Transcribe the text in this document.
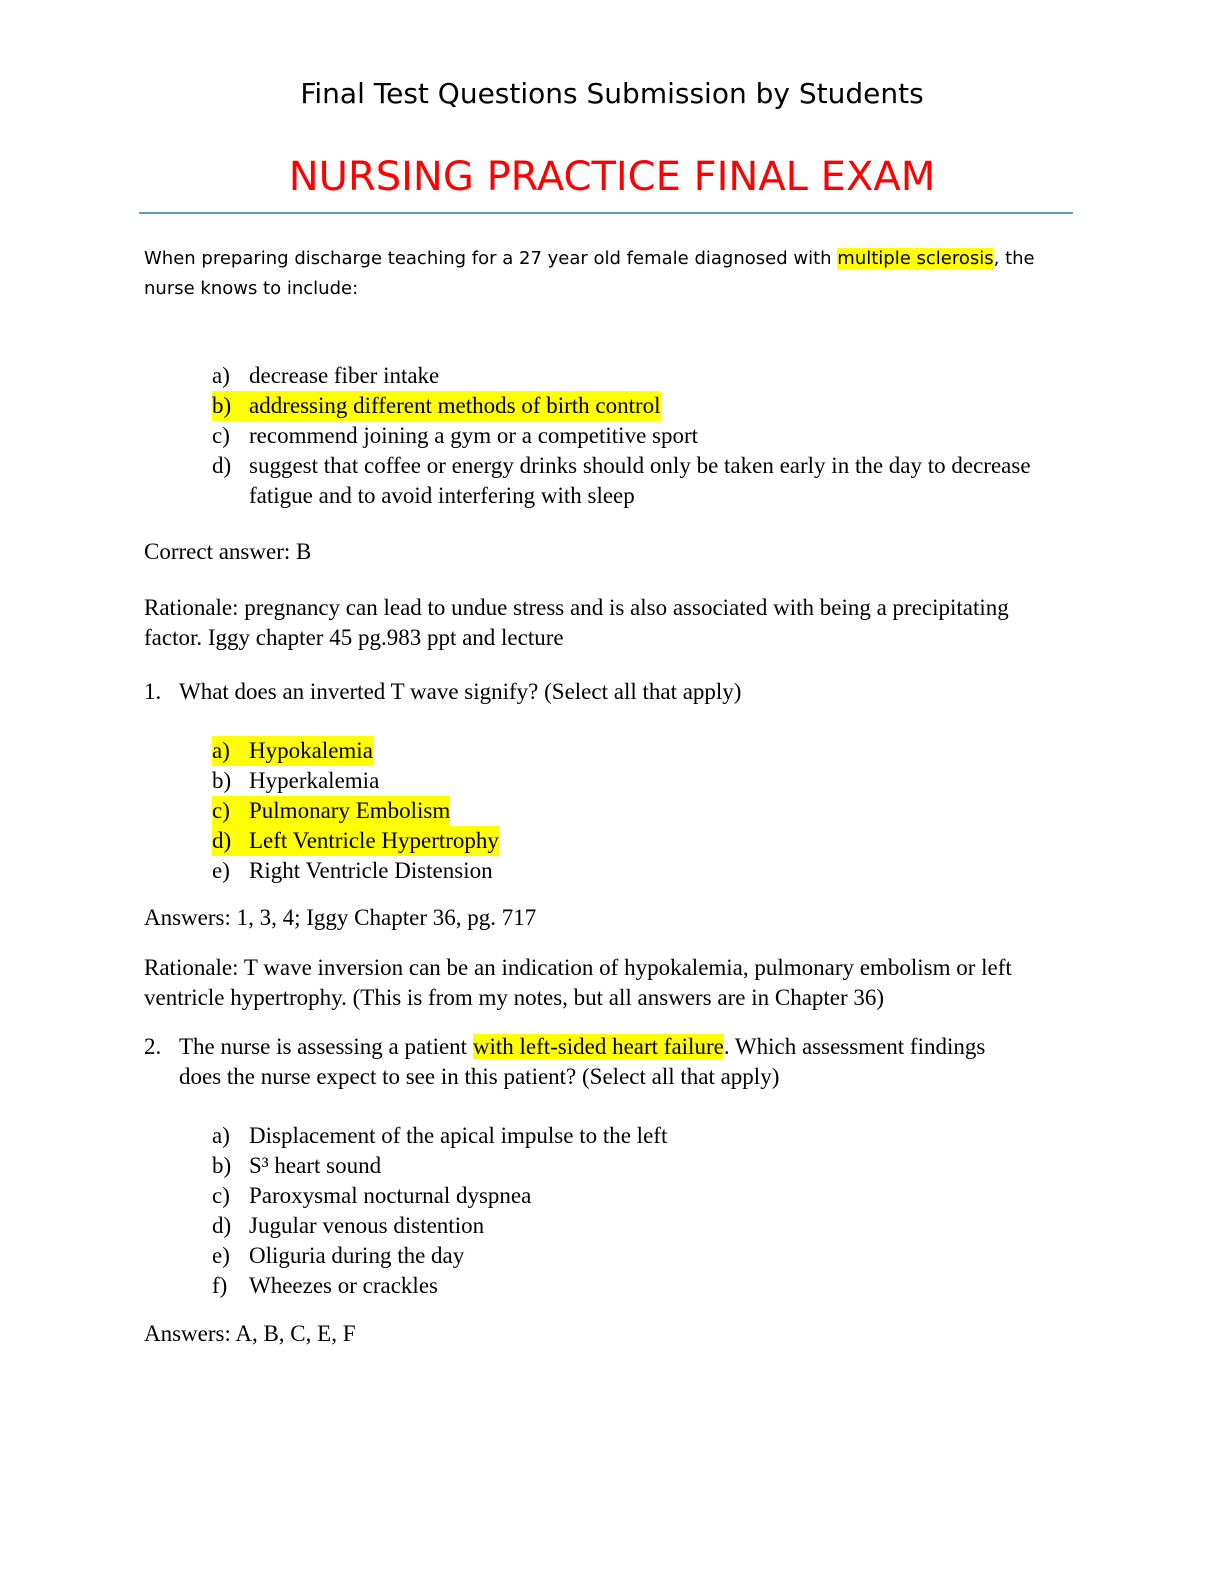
Final Test Questions Submission by Students
NURSING PRACTICE FINAL EXAM
When preparing discharge teaching for a 27 year old female diagnosed with multiple sclerosis, the nurse knows to include:
a) decrease fiber intake
b) addressing different methods of birth control
c) recommend joining a gym or a competitive sport
d) suggest that coffee or energy drinks should only be taken early in the day to decrease fatigue and to avoid interfering with sleep
Correct answer: B
Rationale: pregnancy can lead to undue stress and is also associated with being a precipitating factor. Iggy chapter 45 pg.983 ppt and lecture
1. What does an inverted T wave signify? (Select all that apply)
a) Hypokalemia
b) Hyperkalemia
c) Pulmonary Embolism
d) Left Ventricle Hypertrophy
e) Right Ventricle Distension
Answers: 1, 3, 4; Iggy Chapter 36, pg. 717
Rationale: T wave inversion can be an indication of hypokalemia, pulmonary embolism or left ventricle hypertrophy. (This is from my notes, but all answers are in Chapter 36)
2. The nurse is assessing a patient with left-sided heart failure. Which assessment findings does the nurse expect to see in this patient? (Select all that apply)
a) Displacement of the apical impulse to the left
b) S³ heart sound
c) Paroxysmal nocturnal dyspnea
d) Jugular venous distention
e) Oliguria during the day
f) Wheezes or crackles
Answers: A, B, C, E, F
